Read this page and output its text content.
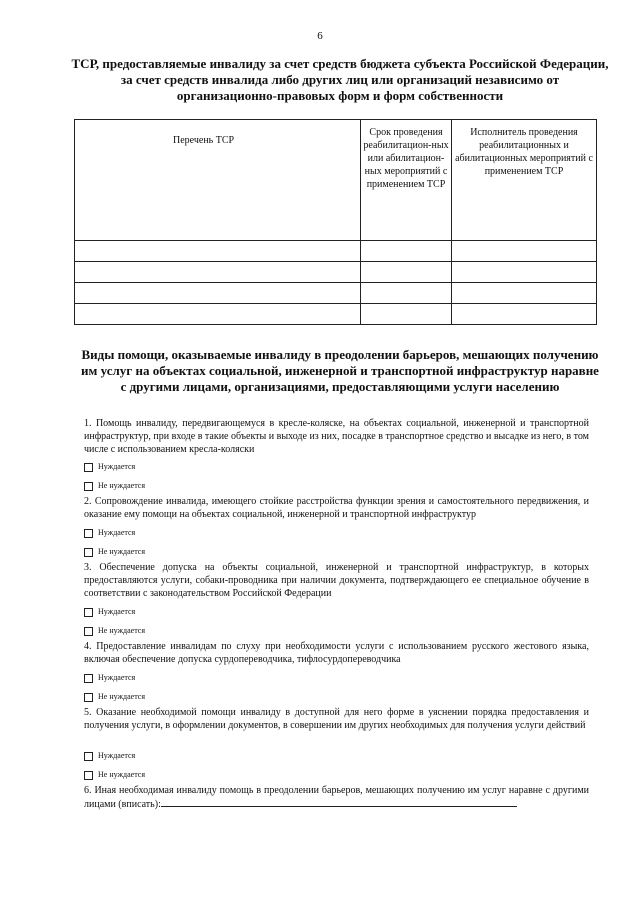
6
ТСР, предоставляемые инвалиду за счет средств бюджета субъекта Российской Федерации, за счет средств инвалида либо других лиц или организаций независимо от организационно-правовых форм и форм собственности
Перечень ТСР	Срок проведения реабилитацион-ных или абилитацион-ных мероприятий с применением ТСР	Исполнитель проведения реабилитационных и абилитационных мероприятий с применением ТСР

Виды помощи, оказываемые инвалиду в преодолении барьеров, мешающих получению им услуг на объектах социальной, инженерной и транспортной инфраструктур наравне с другими лицами, организациями, предоставляющими услуги населению
1. Помощь инвалиду, передвигающемуся в кресле-коляске, на объектах социальной, инженерной и транспортной инфраструктур, при входе в такие объекты и выходе из них, посадке в транспортное средство и высадке из него, в том числе с использованием кресла-коляски
Нуждается
Не нуждается
2. Сопровождение инвалида, имеющего стойкие расстройства функции зрения и самостоятельного передвижения, и оказание ему помощи на объектах социальной, инженерной и транспортной инфраструктур
Нуждается
Не нуждается
3. Обеспечение допуска на объекты социальной, инженерной и транспортной инфраструктур, в которых предоставляются услуги, собаки-проводника при наличии документа, подтверждающего ее специальное обучение в соответствии с законодательством Российской Федерации
Нуждается
Не нуждается
4. Предоставление инвалидам по слуху при необходимости услуги с использованием русского жестового языка, включая обеспечение допуска сурдопереводчика, тифлосурдопереводчика
Нуждается
Не нуждается
5. Оказание необходимой помощи инвалиду в доступной для него форме в уяснении порядка предоставления и получения услуги, в оформлении документов, в совершении им других необходимых для получения услуги действий
Нуждается
Не нуждается
6. Иная необходимая инвалиду помощь в преодолении барьеров, мешающих получению им услуг наравне с другими лицами (вписать):
